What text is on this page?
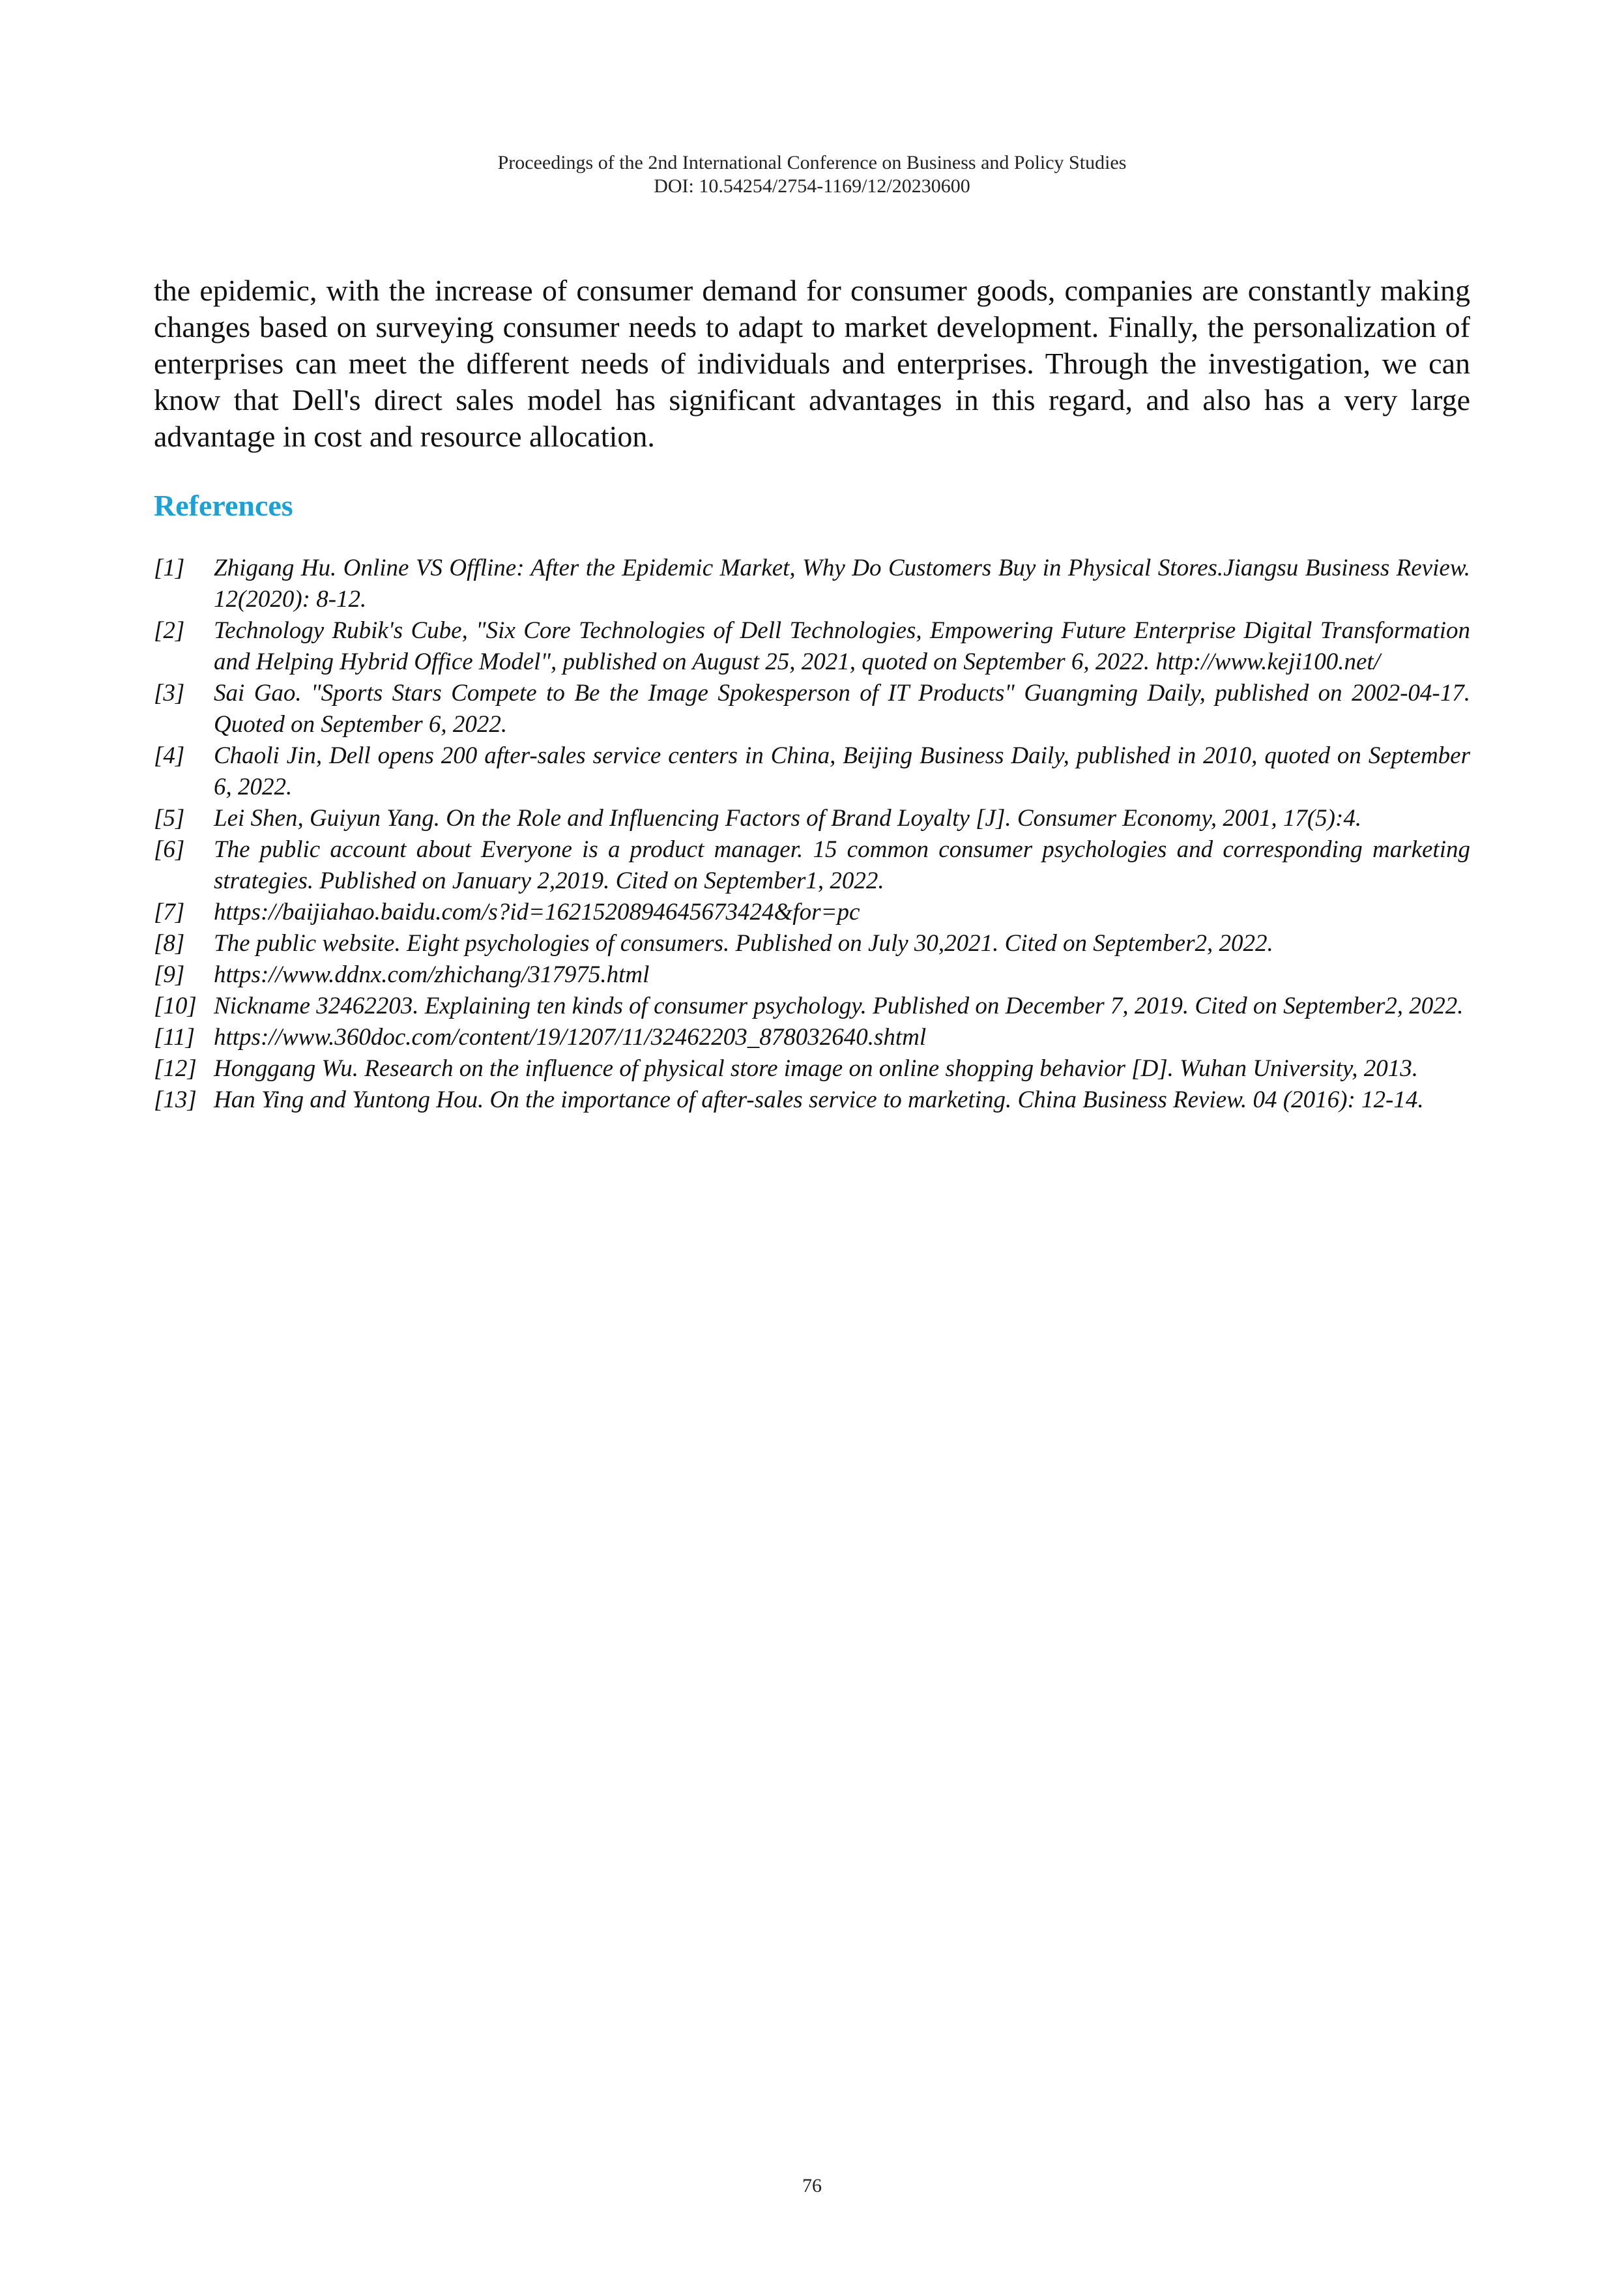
Proceedings of the 2nd International Conference on Business and Policy Studies
DOI: 10.54254/2754-1169/12/20230600

the epidemic, with the increase of consumer demand for consumer goods, companies are constantly making changes based on surveying consumer needs to adapt to market development. Finally, the personalization of enterprises can meet the different needs of individuals and enterprises. Through the investigation, we can know that Dell's direct sales model has significant advantages in this regard, and also has a very large advantage in cost and resource allocation.

References
[1]	Zhigang Hu. Online VS Offline: After the Epidemic Market, Why Do Customers Buy in Physical Stores.Jiangsu Business Review. 12(2020): 8-12.
[2]	Technology Rubik's Cube, "Six Core Technologies of Dell Technologies, Empowering Future Enterprise Digital Transformation and Helping Hybrid Office Model", published on August 25, 2021, quoted on September 6, 2022. http://www.keji100.net/
[3]	Sai Gao. "Sports Stars Compete to Be the Image Spokesperson of IT Products" Guangming Daily, published on 2002-04-17. Quoted on September 6, 2022.
[4]	Chaoli Jin, Dell opens 200 after-sales service centers in China, Beijing Business Daily, published in 2010, quoted on September 6, 2022.
[5]	Lei Shen, Guiyun Yang. On the Role and Influencing Factors of Brand Loyalty [J]. Consumer Economy, 2001, 17(5):4.
[6]	The public account about Everyone is a product manager. 15 common consumer psychologies and corresponding marketing strategies. Published on January 2,2019. Cited on September1, 2022.
[7]	https://baijiahao.baidu.com/s?id=1621520894645673424&for=pc
[8]	The public website. Eight psychologies of consumers. Published on July 30,2021. Cited on September2, 2022.
[9]	https://www.ddnx.com/zhichang/317975.html
[10] Nickname 32462203. Explaining ten kinds of consumer psychology. Published on December 7, 2019. Cited on September2, 2022.
[11] https://www.360doc.com/content/19/1207/11/32462203_878032640.shtml
[12] Honggang Wu. Research on the influence of physical store image on online shopping behavior [D]. Wuhan University, 2013.
[13] Han Ying and Yuntong Hou. On the importance of after-sales service to marketing. China Business Review. 04 (2016): 12-14.
76
